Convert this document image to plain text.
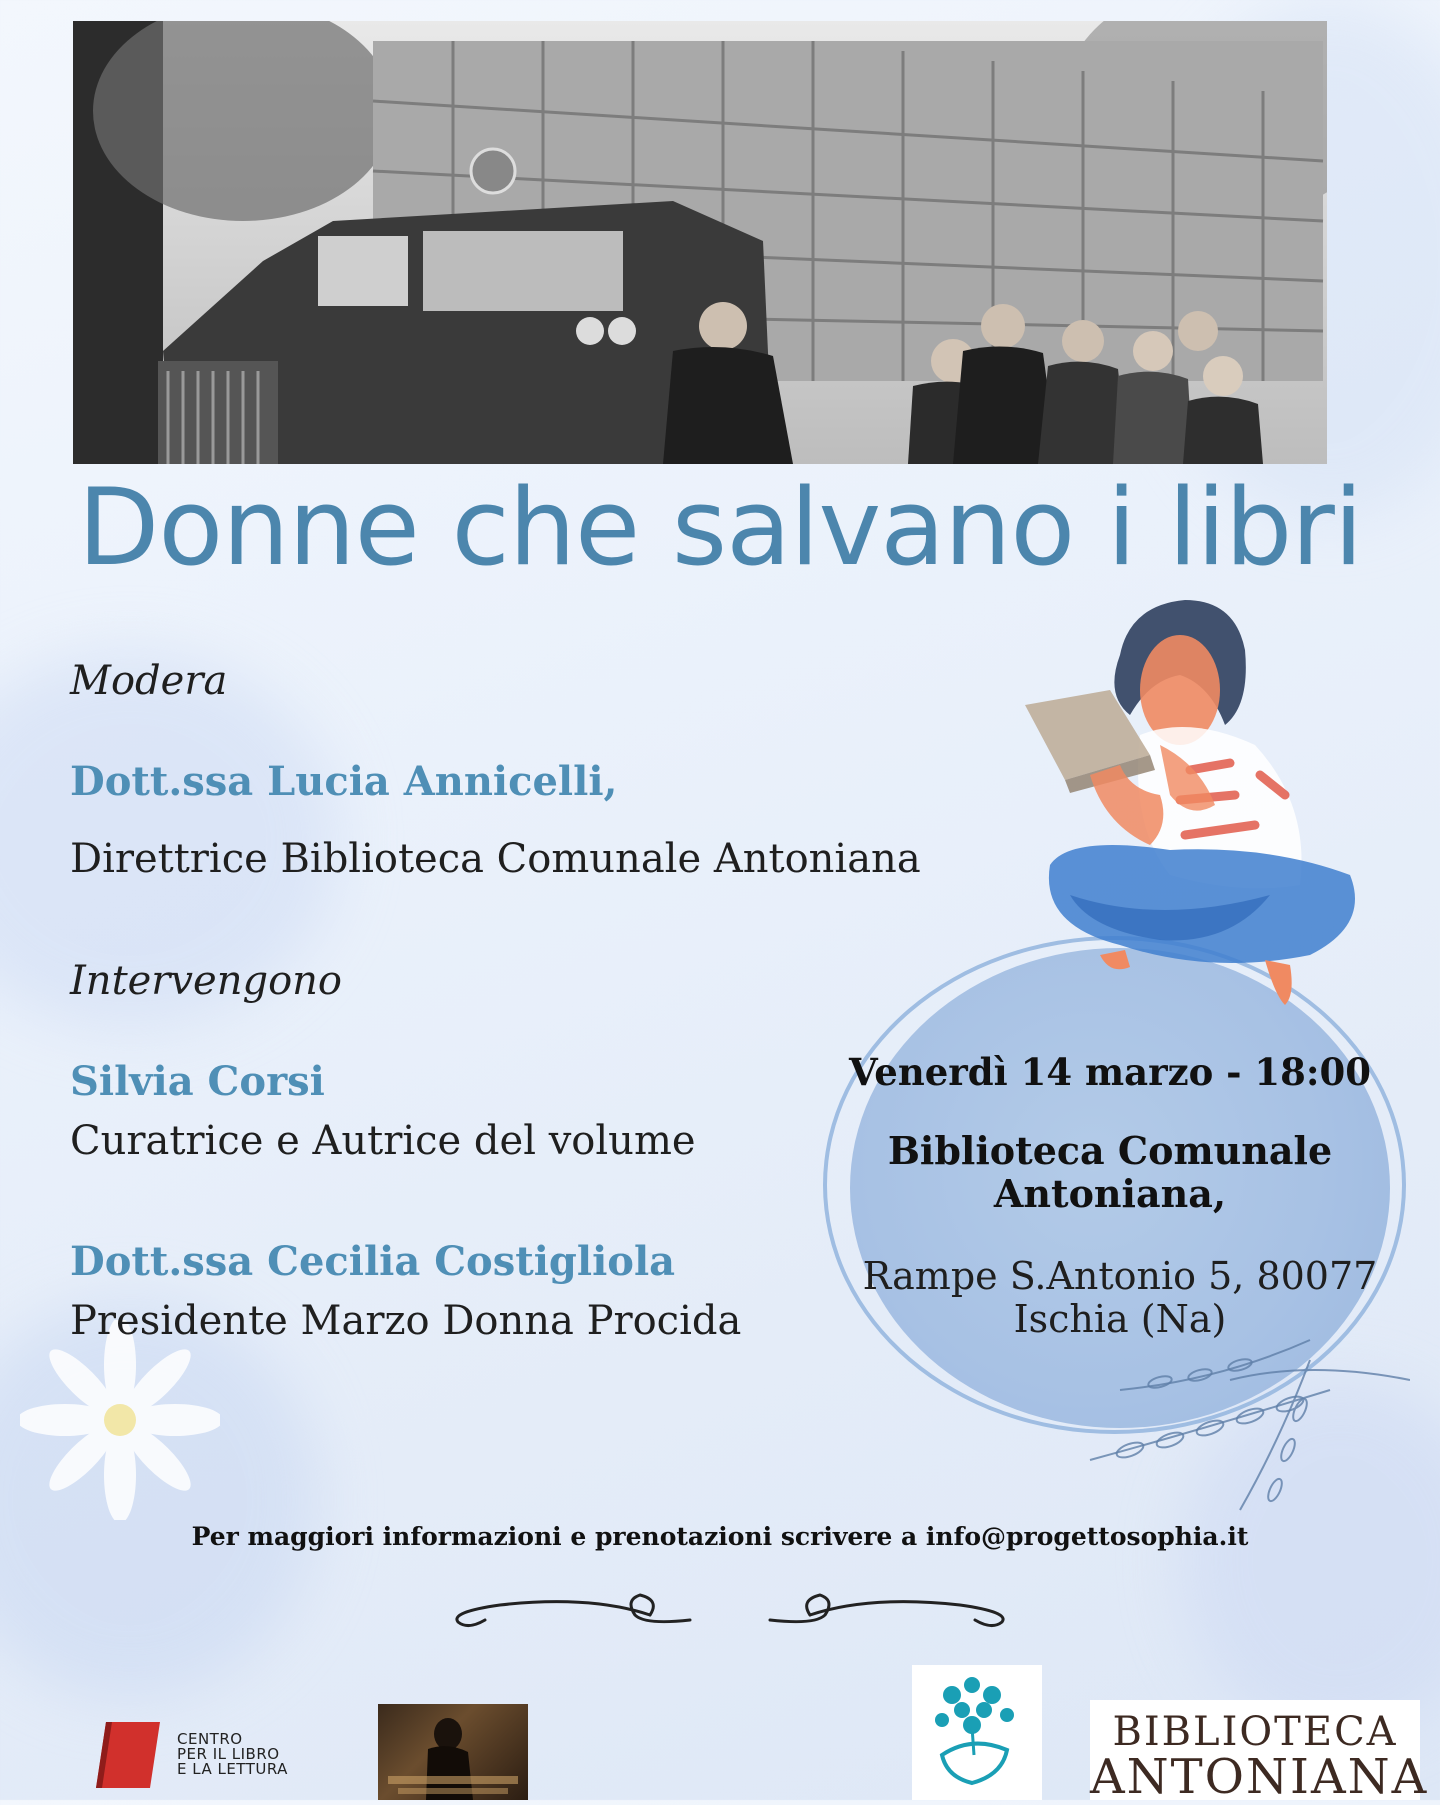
Donne che salvano i libri
Modera
Dott.ssa Lucia Annicelli,
Direttrice Biblioteca Comunale Antoniana
Intervengono
Silvia Corsi
Curatrice e Autrice del volume
Dott.ssa Cecilia Costigliola
Presidente Marzo Donna Procida
Venerdì 14 marzo - 18:00
Biblioteca Comunale
Antoniana,
Rampe S.Antonio 5, 80077
Ischia (Na)
Per maggiori informazioni e prenotazioni scrivere a info@progettosophia.it
CENTRO
PER IL LIBRO
E LA LETTURA
BIBLIOTECA
ANTONIANA
